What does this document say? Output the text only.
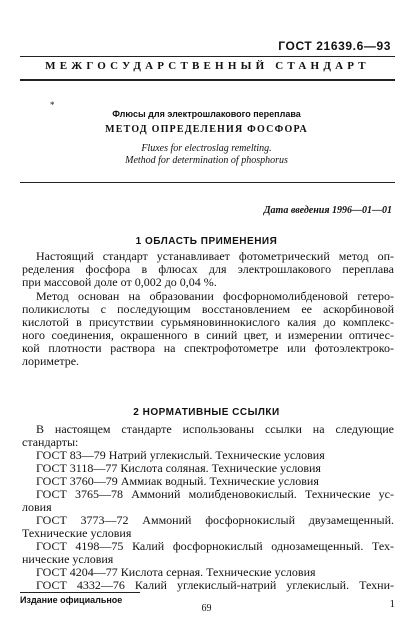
ГОСТ 21639.6—93
МЕЖГОСУДАРСТВЕННЫЙ СТАНДАРТ
*
Флюсы для электрошлакового переплава
МЕТОД ОПРЕДЕЛЕНИЯ ФОСФОРА
Fluxes for electroslag remelting.
Method for determination of phosphorus
Дата введения 1996—01—01
1 ОБЛАСТЬ ПРИМЕНЕНИЯ
Настоящий стандарт устанавливает фотометрический метод оп-
ределения фосфора в флюсах для электрошлакового переплава
при массовой доле от 0,002 до 0,04 %.
Метод основан на образовании фосфорномолибденовой гетеро-
поликислоты с последующим восстановлением ее аскорбиновой
кислотой в присутствии сурьмяновиннокислого калия до комплекс-
ного соединения, окрашенного в синий цвет, и измерении оптичес-
кой плотности раствора на спектрофотометре или фотоэлектроко-
лориметре.
2 НОРМАТИВНЫЕ ССЫЛКИ
В настоящем стандарте использованы ссылки на следующие
стандарты:
ГОСТ 83—79 Натрий углекислый. Технические условия
ГОСТ 3118—77 Кислота соляная. Технические условия
ГОСТ 3760—79 Аммиак водный. Технические условия
ГОСТ 3765—78 Аммоний молибденовокислый. Технические ус-
ловия
ГОСТ 3773—72 Аммоний фосфорнокислый двузамещенный.
Технические условия
ГОСТ 4198—75 Калий фосфорнокислый однозамещенный. Тех-
нические условия
ГОСТ 4204—77 Кислота серная. Технические условия
ГОСТ 4332—76 Калий углекислый-натрий углекислый. Техни-
Издание официальное
69	1
